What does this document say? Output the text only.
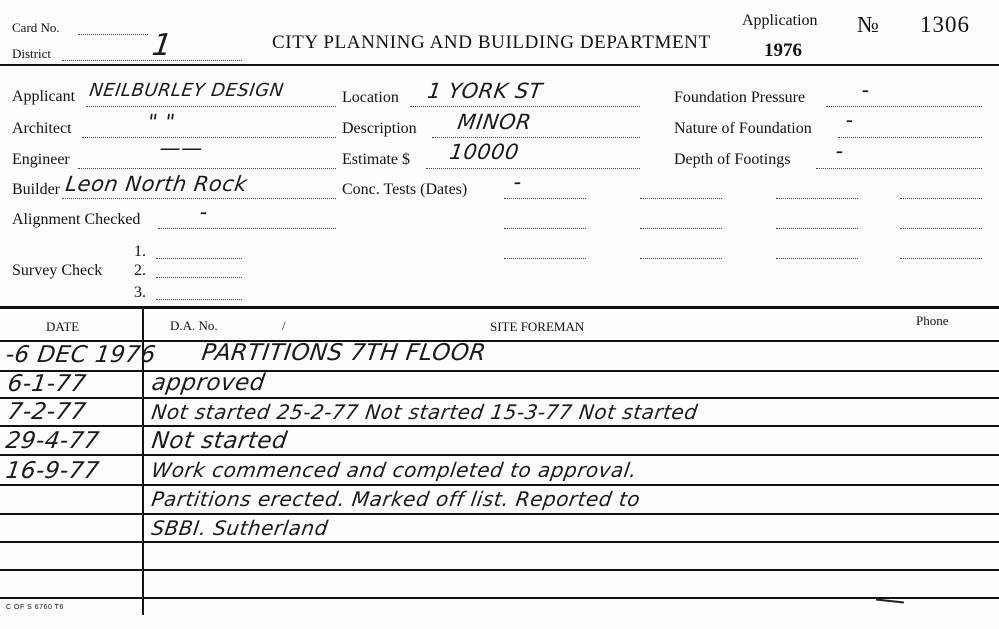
Card No.
District	1	CITY PLANNING AND BUILDING DEPARTMENT
Application
1976
№ 1306
Applicant NEILBURLEY DESIGN
Architect	" "
Engineer	——
Builder Leon North Rock
Alignment Checked	-
Survey Check
1.
2.
3.
Location 1 YORK ST
Description MINOR
Estimate $ 10000
Conc. Tests (Dates) -
Foundation Pressure	-
Nature of Foundation -
Depth of Footings -
DATE	D.A. No.	/	SITE FOREMAN	Phone
-6 DEC 1976 PARTITIONS 7TH FLOOR
6-1-77	approved
7-2-77	Not started 25-2-77 Not started 15-3-77 Not started
29-4-77 Not started
16-9-77 Work commenced and completed to approval.
Partitions erected. Marked off list. Reported to
SBBI. Sutherland
C OF S 6760 T6
